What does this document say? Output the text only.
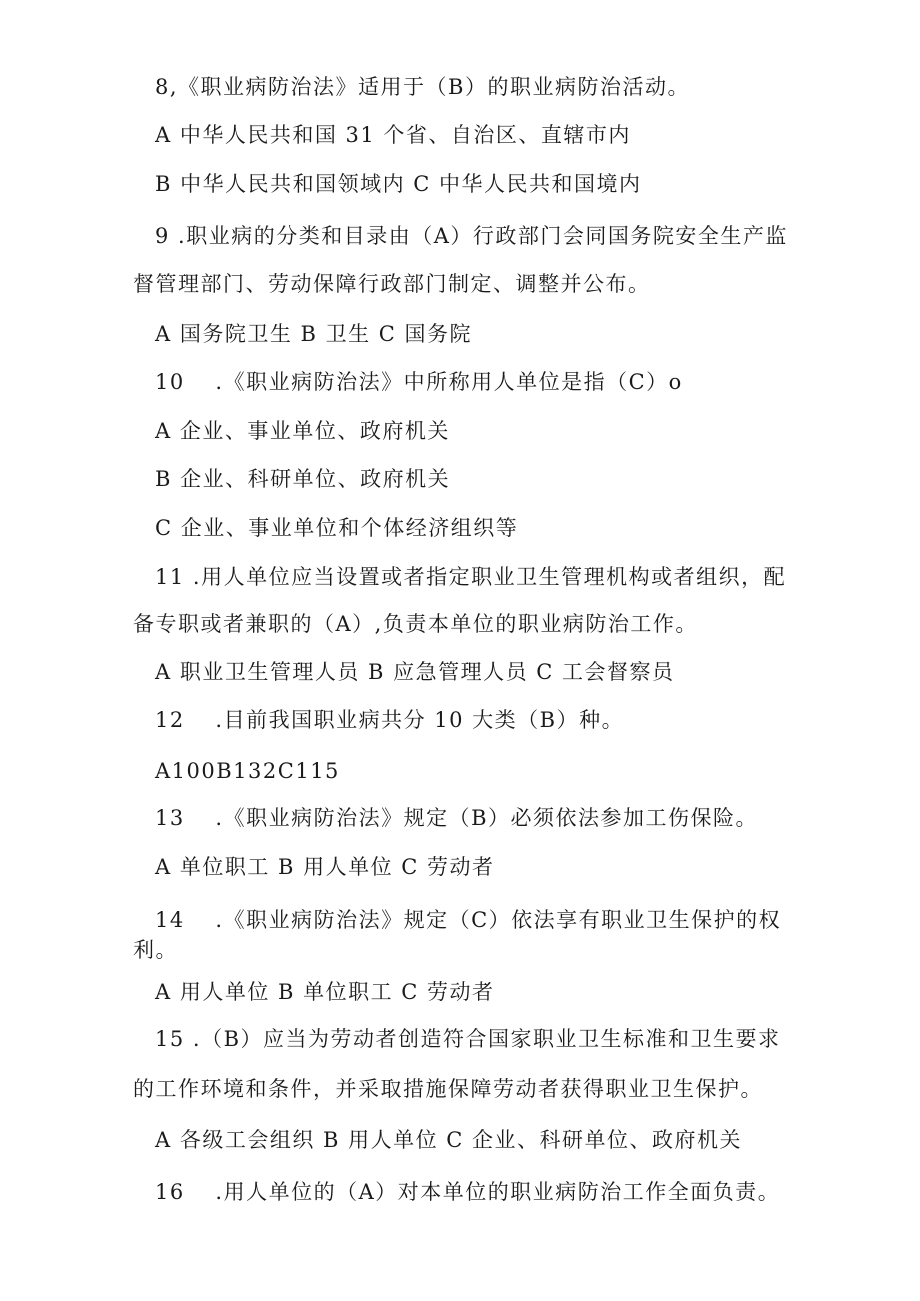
8,《职业病防治法》适用于（B）的职业病防治活动。
A 中华人民共和国 31 个省、自治区、直辖市内
B 中华人民共和国领域内 C 中华人民共和国境内
9 .职业病的分类和目录由（A）行政部门会同国务院安全生产监
督管理部门、劳动保障行政部门制定、调整并公布。
A 国务院卫生 B 卫生 C 国务院
10　 .《职业病防治法》中所称用人单位是指（C）o
A 企业、事业单位、政府机关
B 企业、科研单位、政府机关
C 企业、事业单位和个体经济组织等
11 .用人单位应当设置或者指定职业卫生管理机构或者组织，配
备专职或者兼职的（A）,负责本单位的职业病防治工作。
A 职业卫生管理人员 B 应急管理人员 C 工会督察员
12　 .目前我国职业病共分 10 大类（B）种。
A100B132C115
13　 .《职业病防治法》规定（B）必须依法参加工伤保险。
A 单位职工 B 用人单位 C 劳动者
14　 .《职业病防治法》规定（C）依法享有职业卫生保护的权
利。
A 用人单位 B 单位职工 C 劳动者
15 .（B）应当为劳动者创造符合国家职业卫生标准和卫生要求
的工作环境和条件，并采取措施保障劳动者获得职业卫生保护。
A 各级工会组织 B 用人单位 C 企业、科研单位、政府机关
16　 .用人单位的（A）对本单位的职业病防治工作全面负责。
